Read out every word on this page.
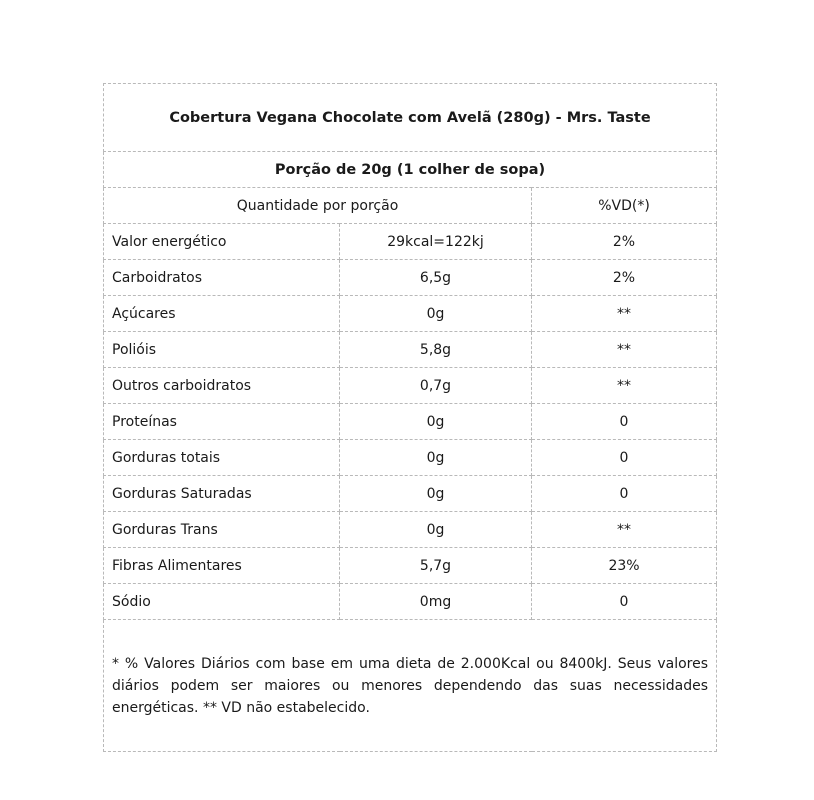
Cobertura Vegana Chocolate com Avelã (280g) - Mrs. Taste		
Porção de 20g (1 colher de sopa)		
Quantidade por porção		%VD(*)
Valor energético	29kcal=122kj	2%
Carboidratos	6,5g	2%
Açúcares	0g	**
Polióis	5,8g	**
Outros carboidratos	0,7g	**
Proteínas	0g	0
Gorduras totais	0g	0
Gorduras Saturadas	0g	0
Gorduras Trans	0g	**
Fibras Alimentares	5,7g	23%
Sódio	0mg	0
* % Valores Diários com base em uma dieta de 2.000Kcal ou 8400kJ. Seus valores diários podem ser maiores ou menores dependendo das suas necessidades energéticas. ** VD não estabelecido.		
